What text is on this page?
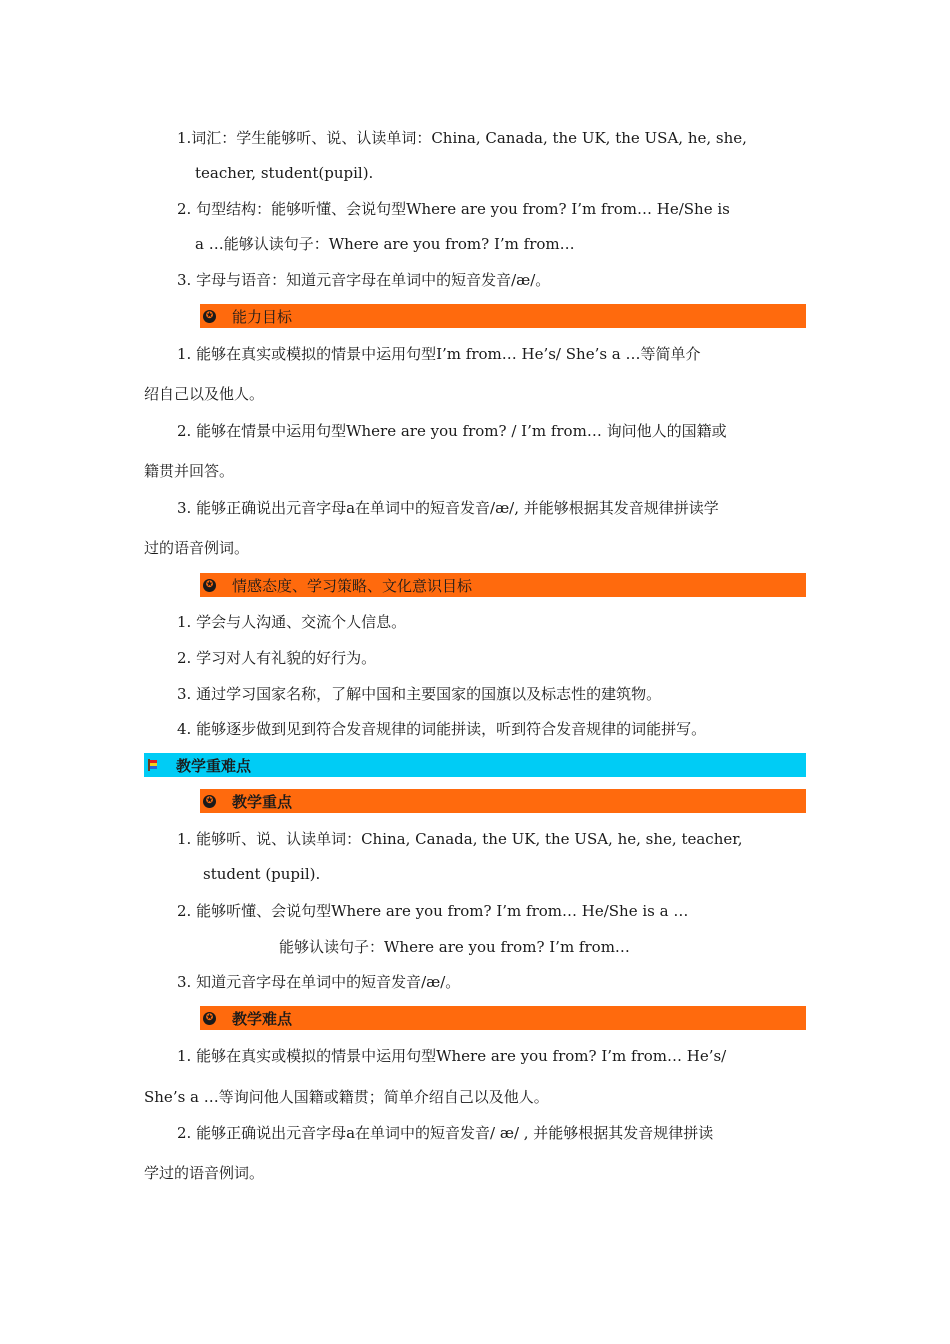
1.词汇：学生能够听、说、认读单词：China, Canada, the UK, the USA, he, she,
teacher, student(pupil).
2. 句型结构：能够听懂、会说句型Where are you from? I’m from… He/She is
a …能够认读句子：Where are you from? I’m from…
3. 字母与语音：知道元音字母在单词中的短音发音/æ/。
✪ 能力目标
1. 能够在真实或模拟的情景中运用句型I’m from… He’s/ She’s a …等简单介
绍自己以及他人。
2. 能够在情景中运用句型Where are you from? / I’m from… 询问他人的国籍或
籍贯并回答。
3. 能够正确说出元音字母a在单词中的短音发音/æ/, 并能够根据其发音规律拼读学
过的语音例词。
✪ 情感态度、学习策略、文化意识目标
1. 学会与人沟通、交流个人信息。
2. 学习对人有礼貌的好行为。
3. 通过学习国家名称，了解中国和主要国家的国旗以及标志性的建筑物。
4. 能够逐步做到见到符合发音规律的词能拼读，听到符合发音规律的词能拼写。
教学重难点
✪ 教学重点
1. 能够听、说、认读单词：China, Canada, the UK, the USA, he, she, teacher,
student (pupil).
2. 能够听懂、会说句型Where are you from? I’m from… He/She is a …
能够认读句子：Where are you from? I’m from…
3. 知道元音字母在单词中的短音发音/æ/。
✪ 教学难点
1. 能够在真实或模拟的情景中运用句型Where are you from? I’m from… He’s/
She’s a …等询问他人国籍或籍贯；简单介绍自己以及他人。
2. 能够正确说出元音字母a在单词中的短音发音/ æ/ , 并能够根据其发音规律拼读
学过的语音例词。
